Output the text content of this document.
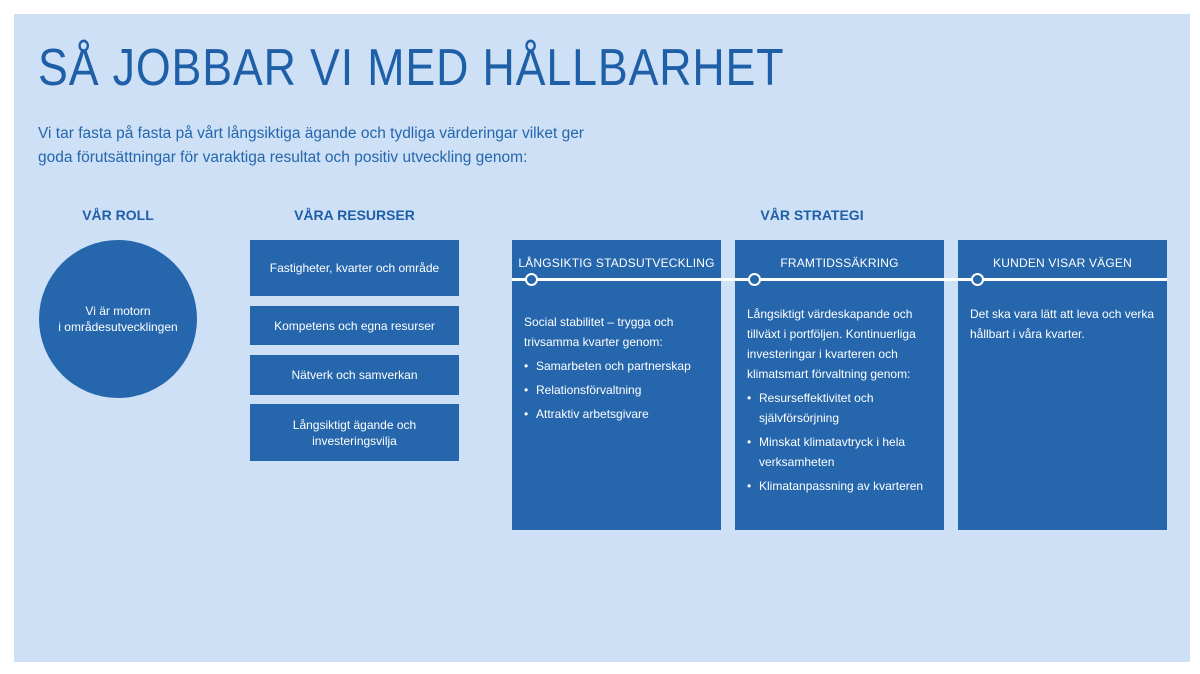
SÅ JOBBAR VI MED HÅLLBARHET
Vi tar fasta på fasta på vårt långsiktiga ägande och tydliga värderingar vilket ger
goda förutsättningar för varaktiga resultat och positiv utveckling genom:
VÅR ROLL
Vi är motorn
i områdesutvecklingen
VÅRA RESURSER
Fastigheter, kvarter och område
Kompetens och egna resurser
Nätverk och samverkan
Långsiktigt ägande och investeringsvilja
VÅR STRATEGI
LÅNGSIKTIG STADSUTVECKLING	FRAMTIDSSÄKRING	KUNDEN VISAR VÄGEN
Social stabilitet – trygga och trivsamma kvarter genom:
• Samarbeten och partnerskap
• Relationsförvaltning
• Attraktiv arbetsgivare
Långsiktigt värdeskapande och tillväxt i portföljen. Kontinuerliga investeringar i kvarteren och klimatsmart förvaltning genom:
• Resurseffektivitet och självförsörjning
• Minskat klimatavtryck i hela verksamheten
• Klimatanpassning av kvarteren
Det ska vara lätt att leva och verka hållbart i våra kvarter.
